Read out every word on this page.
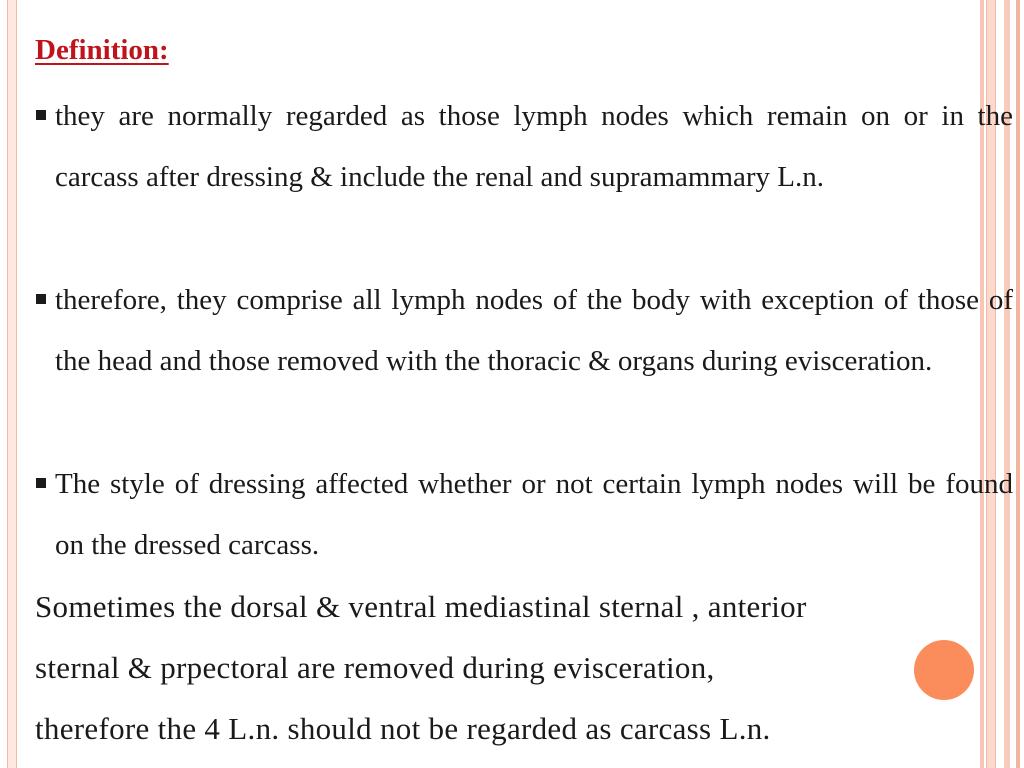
Definition:
they are normally regarded as those lymph nodes which remain on or in the carcass after dressing & include the renal and supramammary L.n.
therefore, they comprise all lymph nodes of the body with exception of those of the head and those removed with the thoracic & organs during evisceration.
The style of dressing affected whether or not certain lymph nodes will be found on the dressed carcass.
Sometimes the dorsal & ventral mediastinal sternal , anterior
sternal & prpectoral are removed during evisceration,
therefore the 4 L.n. should not be regarded as carcass L.n.
